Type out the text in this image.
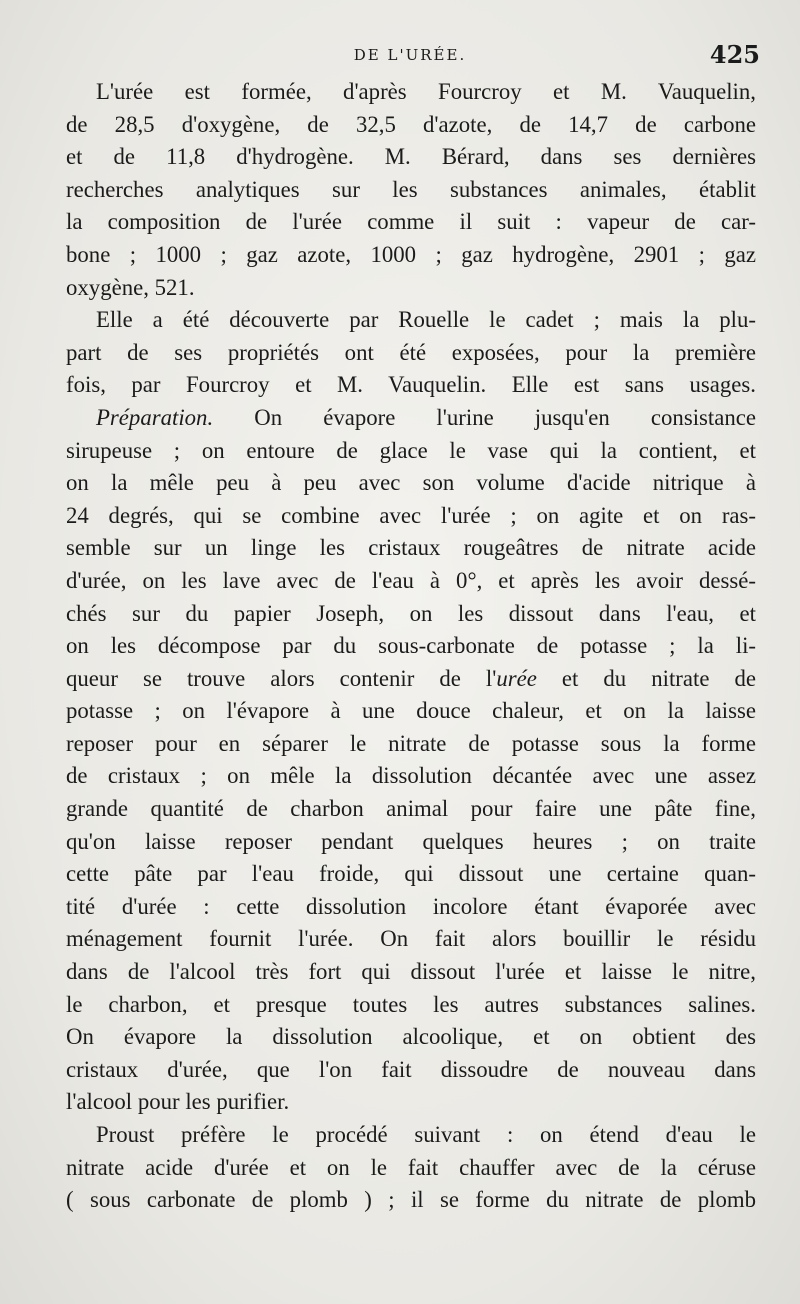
DE L'URÉE.	425
L'urée est formée, d'après Fourcroy et M. Vauquelin,
de 28,5 d'oxygène, de 32,5 d'azote, de 14,7 de carbone
et de 11,8 d'hydrogène. M. Bérard, dans ses dernières
recherches analytiques sur les substances animales, établit
la composition de l'urée comme il suit : vapeur de car-
bone ; 1000 ; gaz azote, 1000 ; gaz hydrogène, 2901 ; gaz
oxygène, 521.
Elle a été découverte par Rouelle le cadet ; mais la plu-
part de ses propriétés ont été exposées, pour la première
fois, par Fourcroy et M. Vauquelin. Elle est sans usages.
Préparation. On évapore l'urine jusqu'en consistance
sirupeuse ; on entoure de glace le vase qui la contient, et
on la mêle peu à peu avec son volume d'acide nitrique à
24 degrés, qui se combine avec l'urée ; on agite et on ras-
semble sur un linge les cristaux rougeâtres de nitrate acide
d'urée, on les lave avec de l'eau à 0°, et après les avoir dessé-
chés sur du papier Joseph, on les dissout dans l'eau, et
on les décompose par du sous-carbonate de potasse ; la li-
queur se trouve alors contenir de l'urée et du nitrate de
potasse ; on l'évapore à une douce chaleur, et on la laisse
reposer pour en séparer le nitrate de potasse sous la forme
de cristaux ; on mêle la dissolution décantée avec une assez
grande quantité de charbon animal pour faire une pâte fine,
qu'on laisse reposer pendant quelques heures ; on traite
cette pâte par l'eau froide, qui dissout une certaine quan-
tité d'urée : cette dissolution incolore étant évaporée avec
ménagement fournit l'urée. On fait alors bouillir le résidu
dans de l'alcool très fort qui dissout l'urée et laisse le nitre,
le charbon, et presque toutes les autres substances salines.
On évapore la dissolution alcoolique, et on obtient des
cristaux d'urée, que l'on fait dissoudre de nouveau dans
l'alcool pour les purifier.
Proust préfère le procédé suivant : on étend d'eau le
nitrate acide d'urée et on le fait chauffer avec de la céruse
( sous carbonate de plomb ) ; il se forme du nitrate de plomb
